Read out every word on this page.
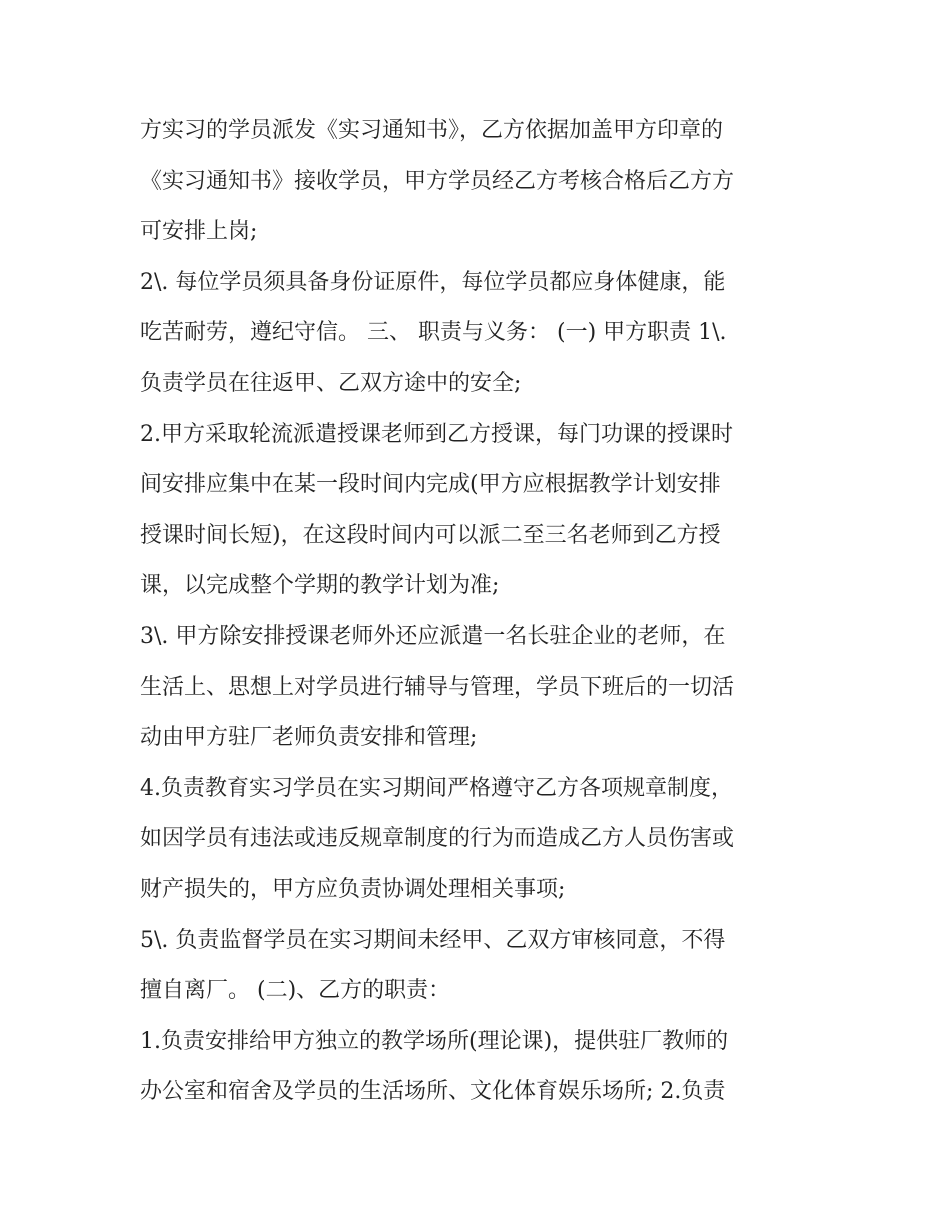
方实习的学员派发《实习通知书》，乙方依据加盖甲方印章的
《实习通知书》接收学员，甲方学员经乙方考核合格后乙方方
可安排上岗;
2\. 每位学员须具备身份证原件，每位学员都应身体健康，能
吃苦耐劳，遵纪守信。 三、 职责与义务： (一) 甲方职责 1\.
负责学员在往返甲、乙双方途中的安全;
2.甲方采取轮流派遣授课老师到乙方授课，每门功课的授课时
间安排应集中在某一段时间内完成(甲方应根据教学计划安排
授课时间长短)，在这段时间内可以派二至三名老师到乙方授
课，以完成整个学期的教学计划为准;
3\. 甲方除安排授课老师外还应派遣一名长驻企业的老师，在
生活上、思想上对学员进行辅导与管理，学员下班后的一切活
动由甲方驻厂老师负责安排和管理;
4.负责教育实习学员在实习期间严格遵守乙方各项规章制度，
如因学员有违法或违反规章制度的行为而造成乙方人员伤害或
财产损失的，甲方应负责协调处理相关事项;
5\. 负责监督学员在实习期间未经甲、乙双方审核同意，不得
擅自离厂。 (二)、乙方的职责：
1.负责安排给甲方独立的教学场所(理论课)，提供驻厂教师的
办公室和宿舍及学员的生活场所、文化体育娱乐场所; 2.负责
